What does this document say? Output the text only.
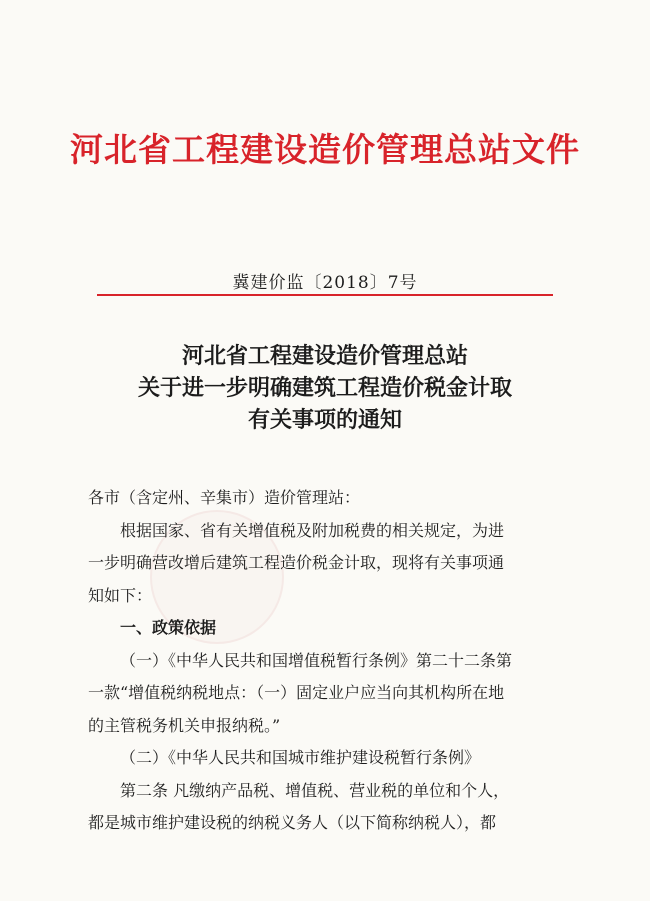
河北省工程建设造价管理总站文件
冀建价监〔2018〕7号
河北省工程建设造价管理总站
关于进一步明确建筑工程造价税金计取
有关事项的通知
各市（含定州、辛集市）造价管理站：
根据国家、省有关增值税及附加税费的相关规定，为进
一步明确营改增后建筑工程造价税金计取，现将有关事项通
知如下：
一、政策依据
（一）《中华人民共和国增值税暂行条例》第二十二条第
一款“增值税纳税地点：（一）固定业户应当向其机构所在地
的主管税务机关申报纳税。”
（二）《中华人民共和国城市维护建设税暂行条例》
第二条 凡缴纳产品税、增值税、营业税的单位和个人，
都是城市维护建设税的纳税义务人（以下简称纳税人），都
